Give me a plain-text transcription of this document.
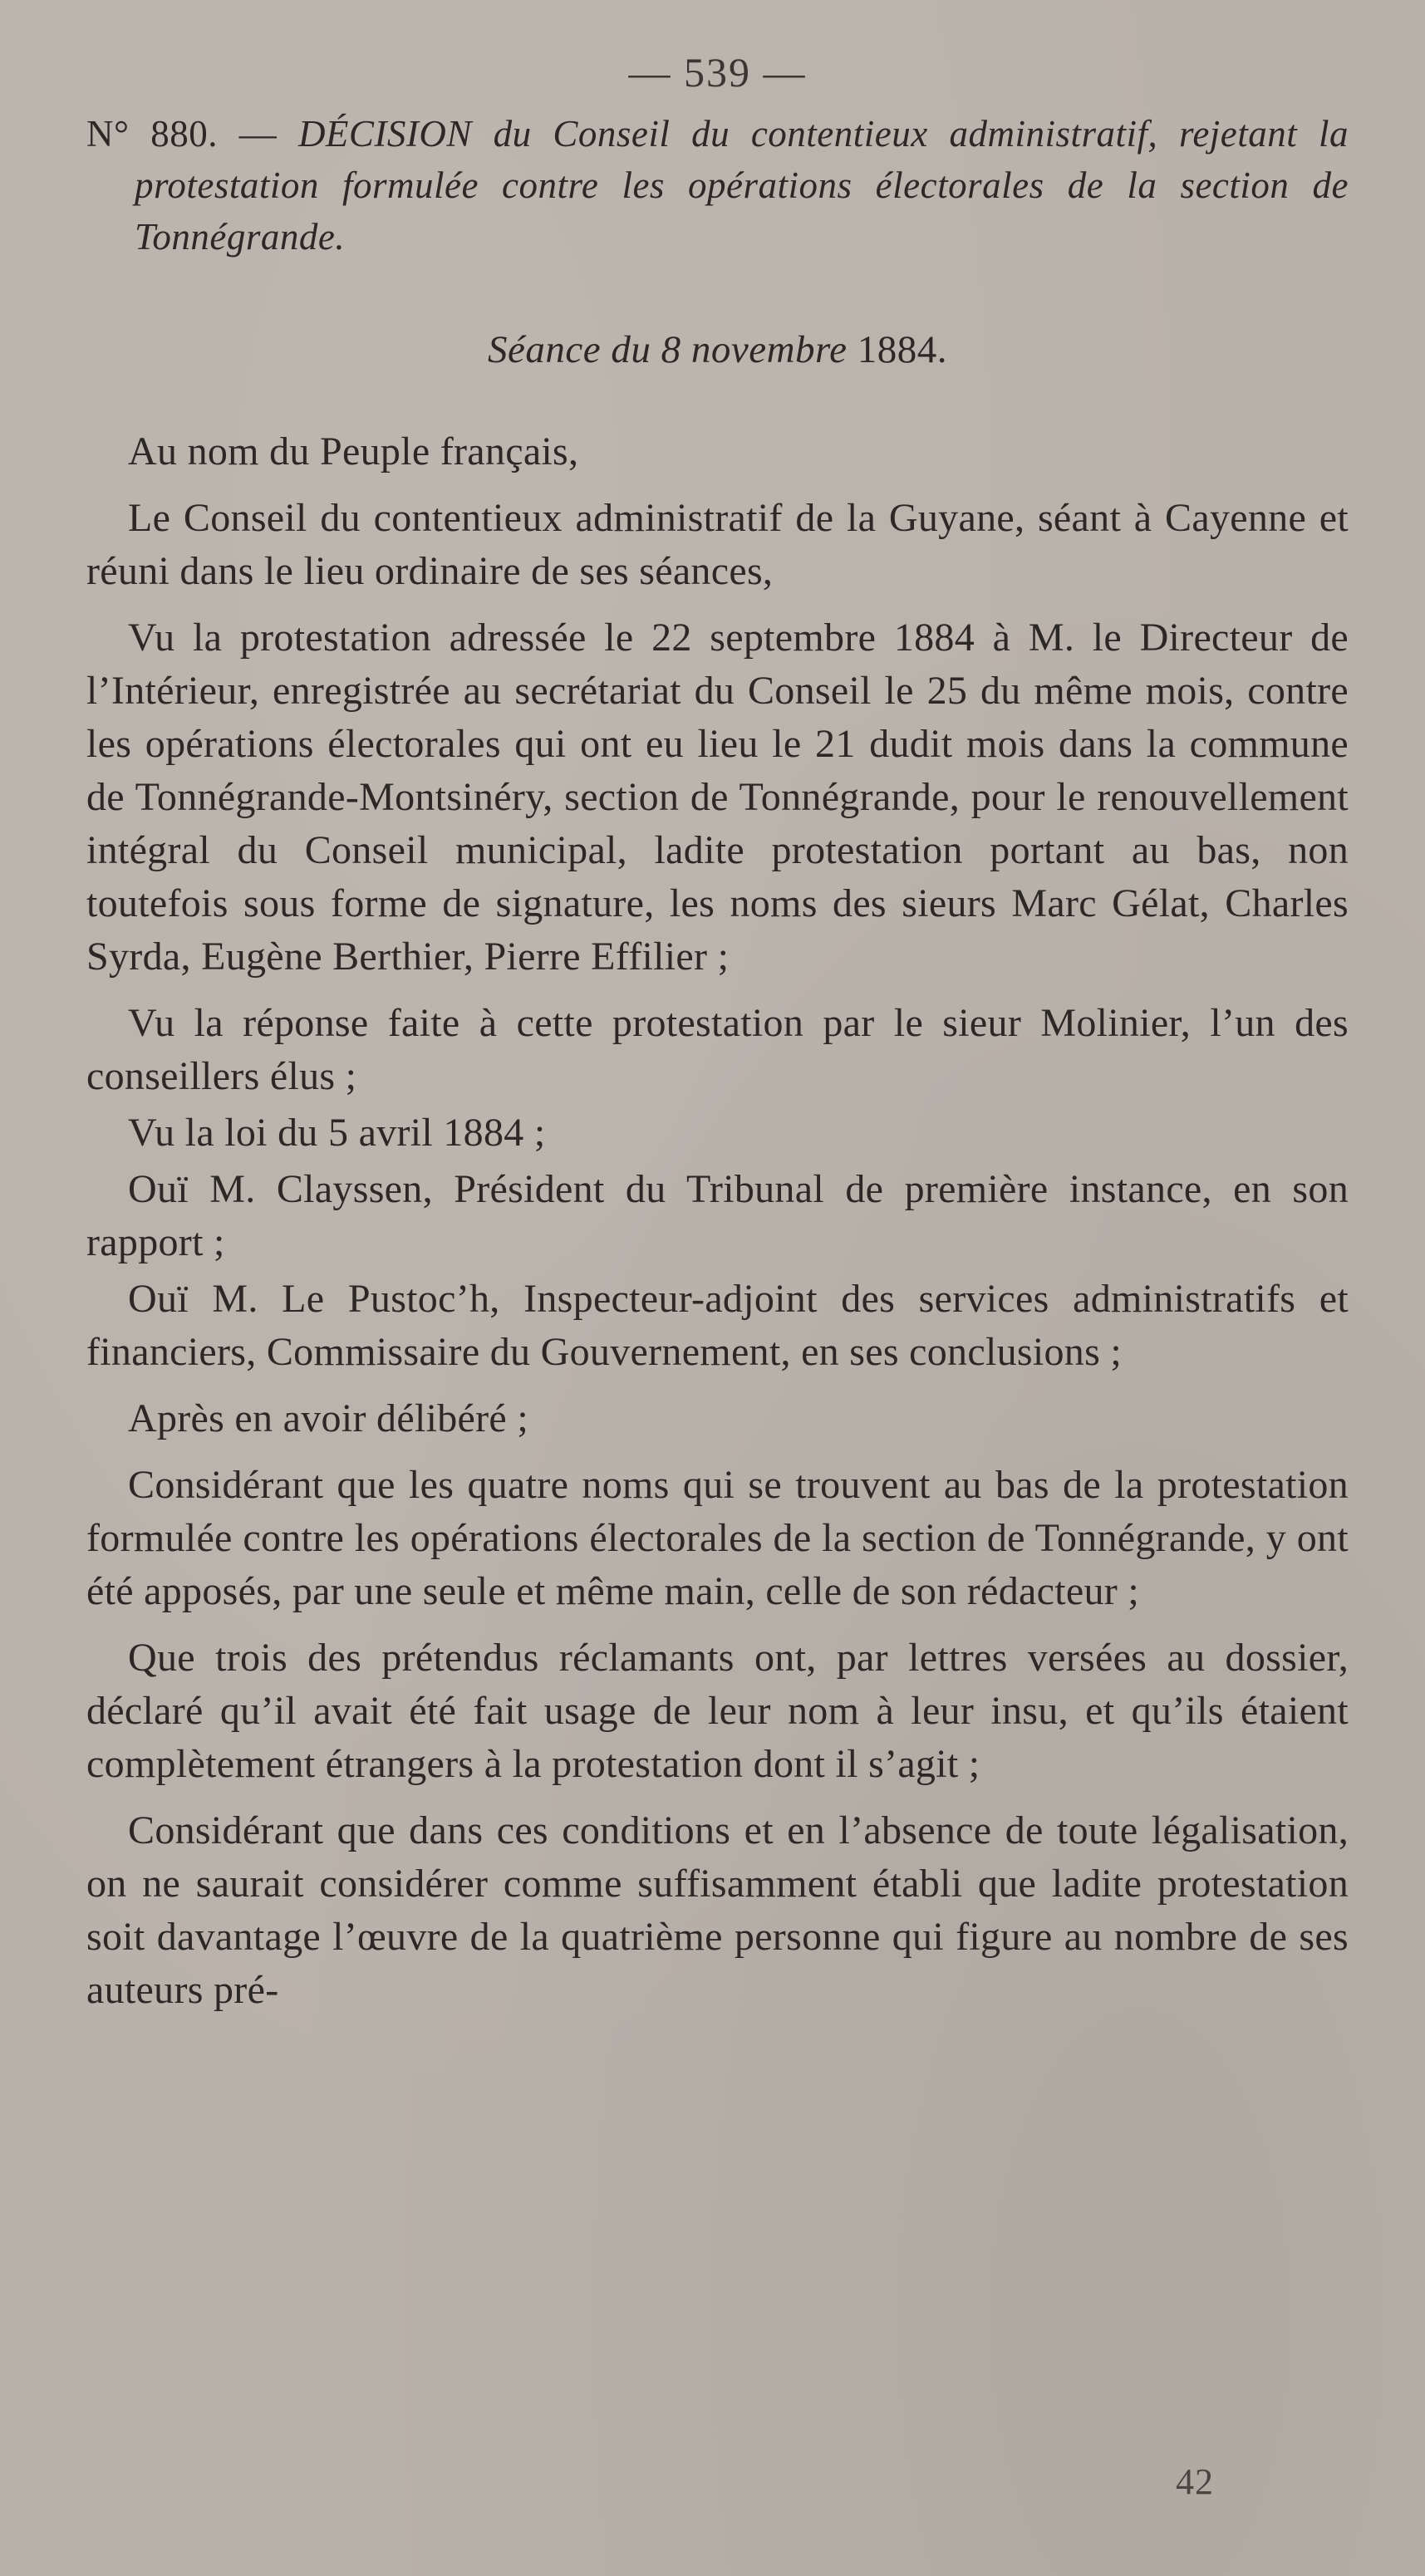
— 539 —
N° 880. — DÉCISION du Conseil du contentieux administratif, rejetant la protestation formulée contre les opérations électorales de la section de Tonnégrande.
Séance du 8 novembre 1884.

Au nom du Peuple français,

Le Conseil du contentieux administratif de la Guyane, séant à Cayenne et réuni dans le lieu ordinaire de ses séances,

Vu la protestation adressée le 22 septembre 1884 à M. le Directeur de l’Intérieur, enregistrée au secrétariat du Conseil le 25 du même mois, contre les opérations électorales qui ont eu lieu le 21 dudit mois dans la commune de Tonnégrande-Montsinéry, section de Tonnégrande, pour le renouvellement intégral du Conseil municipal, ladite protestation portant au bas, non toutefois sous forme de signature, les noms des sieurs Marc Gélat, Charles Syrda, Eugène Berthier, Pierre Effilier ;

Vu la réponse faite à cette protestation par le sieur Molinier, l’un des conseillers élus ;

Vu la loi du 5 avril 1884 ;

Ouï M. Clayssen, Président du Tribunal de première instance, en son rapport ;

Ouï M. Le Pustoc’h, Inspecteur-adjoint des services administratifs et financiers, Commissaire du Gouvernement, en ses conclusions ;

Après en avoir délibéré ;

Considérant que les quatre noms qui se trouvent au bas de la protestation formulée contre les opérations électorales de la section de Tonnégrande, y ont été apposés, par une seule et même main, celle de son rédacteur ;

Que trois des prétendus réclamants ont, par lettres versées au dossier, déclaré qu’il avait été fait usage de leur nom à leur insu, et qu’ils étaient complètement étrangers à la protestation dont il s’agit ;

Considérant que dans ces conditions et en l’absence de toute légalisation, on ne saurait considérer comme suffisamment établi que ladite protestation soit davantage l’œuvre de la quatrième personne qui figure au nombre de ses auteurs pré-

42
